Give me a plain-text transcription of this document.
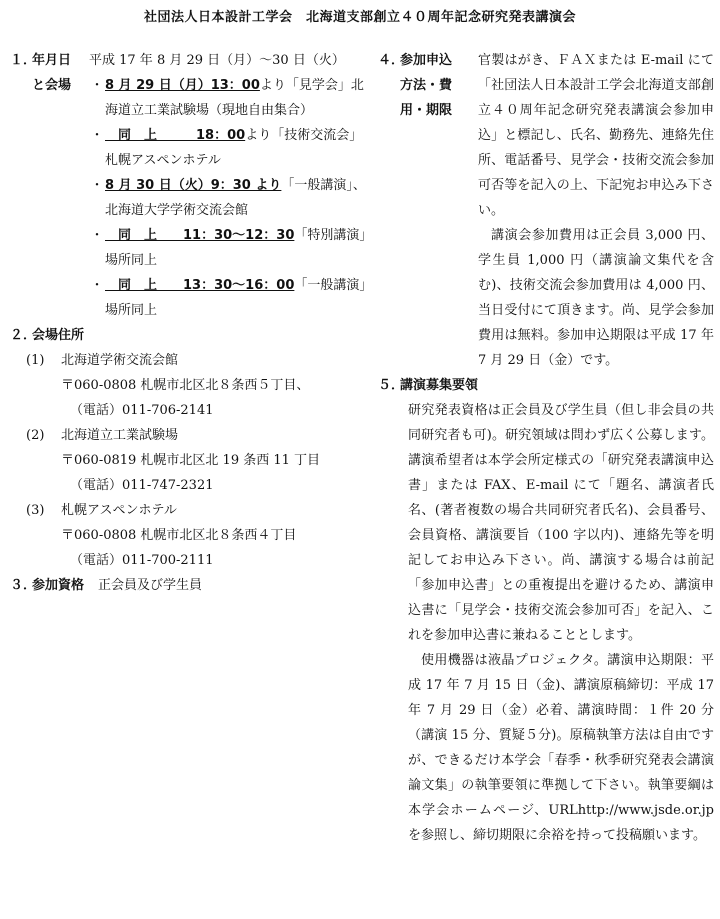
社団法人日本設計工学会　北海道支部創立４０周年記念研究発表講演会
１．
年月日
と会場
平成 17 年 8 月 29 日（月）～30 日（火）
・ 8 月 29 日（月）13：00より「見学会」北海道立工業試験場（現地自由集合）
・ 　同　上　　　18：00より「技術交流会」札幌アスペンホテル
・ 8 月 30 日（火）9：30 より「一般講演」、北海道大学学術交流会館
・ 　同　上　　11：30～12：30「特別講演」　場所同上
・ 　同　上　　13：30～16：00「一般講演」　場所同上
２．
会場住所
(1)	北海道学術交流会館
〒060-0808 札幌市北区北８条西５丁目、
（電話）011-706-2141
(2)	北海道立工業試験場
〒060-0819 札幌市北区北 19 条西 11 丁目
（電話）011-747-2321
(3)	札幌アスペンホテル
〒060-0808 札幌市北区北８条西４丁目
（電話）011-700-2111
３．
参加資格 正会員及び学生員
４．
参加申込
方法・費
用・期限
官製はがき、ＦＡＸまたは E-mail にて「社団法人日本設計工学会北海道支部創立４０周年記念研究発表講演会参加申込」と標記し、氏名、勤務先、連絡先住所、電話番号、見学会・技術交流会参加可否等を記入の上、下記宛お申込み下さい。
講演会参加費用は正会員 3,000 円、学生員 1,000 円（講演論文集代を含む)、技術交流会参加費用は 4,000 円、当日受付にて頂きます。尚、見学会参加費用は無料。参加申込期限は平成 17 年 7 月 29 日（金）です。
５．
講演募集要領
研究発表資格は正会員及び学生員（但し非会員の共同研究者も可)。研究領域は問わず広く公募します。講演希望者は本学会所定様式の「研究発表講演申込書」または FAX、E-mail にて「題名、講演者氏名、(著者複数の場合共同研究者氏名)、会員番号、会員資格、講演要旨（100 字以内)、連絡先等を明記してお申込み下さい。尚、講演する場合は前記「参加申込書」との重複提出を避けるため、講演申込書に「見学会・技術交流会参加可否」を記入、これを参加申込書に兼ねることとします。
使用機器は液晶プロジェクタ。講演申込期限：平成 17 年 7 月 15 日（金)、講演原稿締切：平成 17 年 7 月 29 日（金）必着、講演時間：１件 20 分（講演 15 分、質疑５分)。原稿執筆方法は自由ですが、できるだけ本学会「春季・秋季研究発表会講演論文集」の執筆要領に準拠して下さい。執筆要綱は本学会ホームページ、URLhttp://www.jsde.or.jp を参照し、締切期限に余裕を持って投稿願います。
